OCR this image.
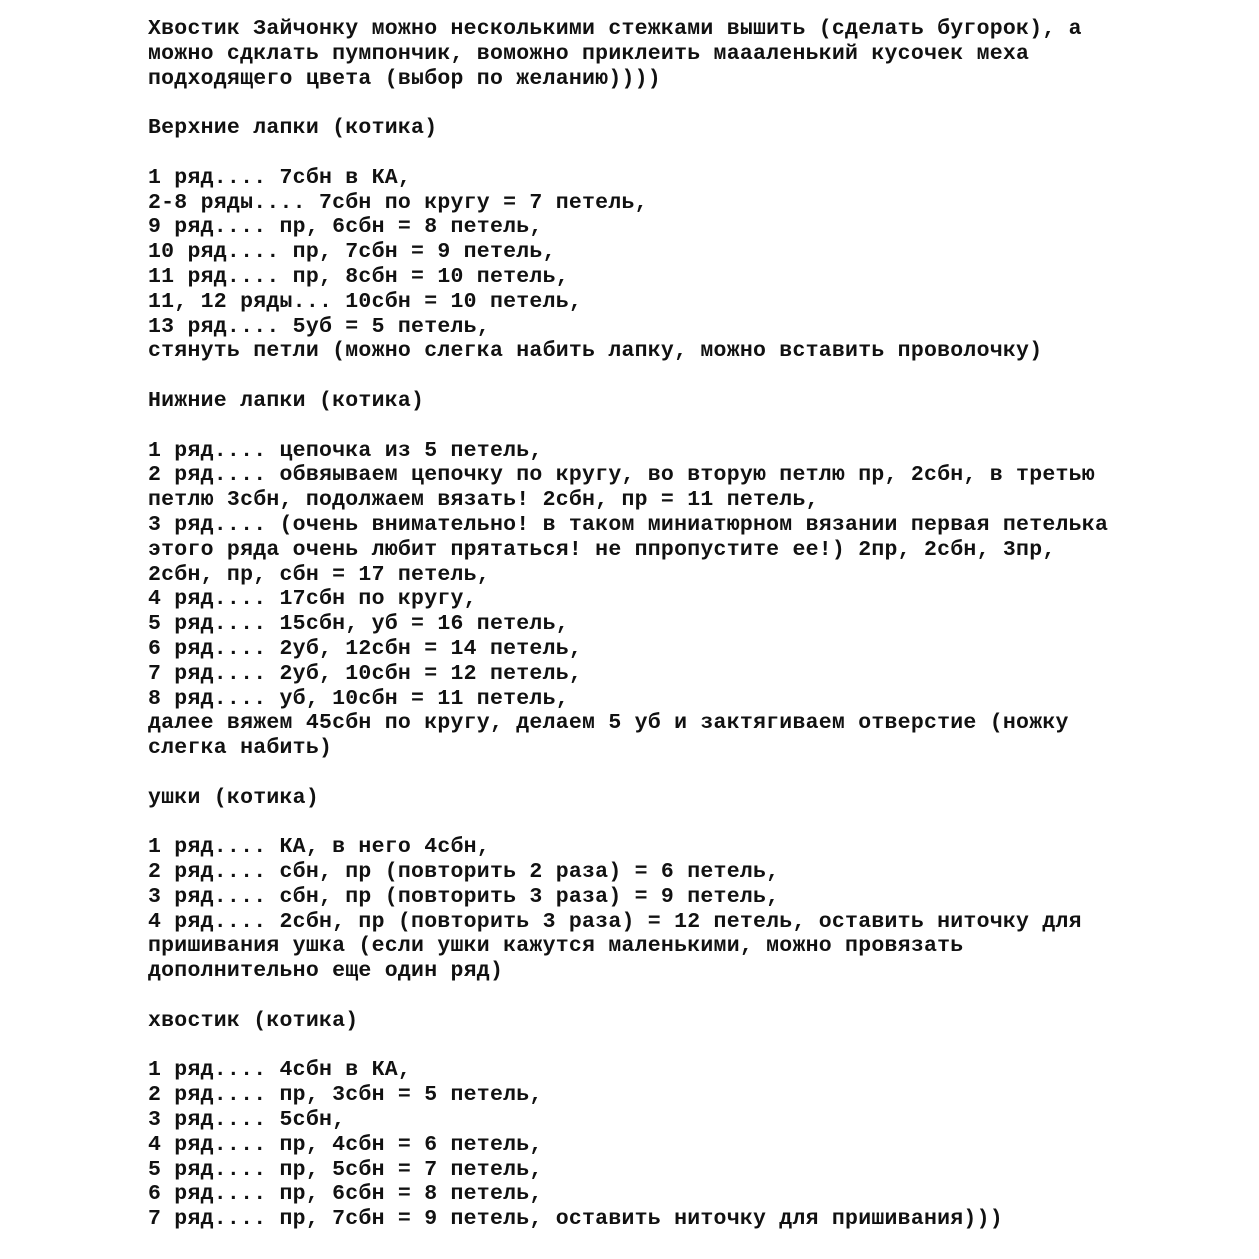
Хвостик Зайчонку можно несколькими стежками вышить (сделать бугорок), а
можно сдклать пумпончик, воможно приклеить маааленький кусочек меха
подходящего цвета (выбор по желанию))))
Верхние лапки (котика)
1 ряд.... 7сбн в КА,
2-8 ряды.... 7сбн по кругу = 7 петель,
9 ряд.... пр, 6сбн = 8 петель,
10 ряд.... пр, 7сбн = 9 петель,
11 ряд.... пр, 8сбн = 10 петель,
11, 12 ряды... 10сбн = 10 петель,
13 ряд.... 5уб = 5 петель,
стянуть петли (можно слегка набить лапку, можно вставить проволочку)
Нижние лапки (котика)
1 ряд.... цепочка из 5 петель,
2 ряд.... обвяываем цепочку по кругу, во вторую петлю пр, 2сбн, в третью
петлю 3сбн, подолжаем вязать! 2сбн, пр = 11 петель,
3 ряд.... (очень внимательно! в таком миниатюрном вязании первая петелька
этого ряда очень любит прятаться! не ппропустите ее!) 2пр, 2сбн, 3пр,
2сбн, пр, сбн = 17 петель,
4 ряд.... 17сбн по кругу,
5 ряд.... 15сбн, уб = 16 петель,
6 ряд.... 2уб, 12сбн = 14 петель,
7 ряд.... 2уб, 10сбн = 12 петель,
8 ряд.... уб, 10сбн = 11 петель,
далее вяжем 45сбн по кругу, делаем 5 уб и зактягиваем отверстие (ножку
слегка набить)
ушки (котика)
1 ряд.... КА, в него 4сбн,
2 ряд.... сбн, пр (повторить 2 раза) = 6 петель,
3 ряд.... сбн, пр (повторить 3 раза) = 9 петель,
4 ряд.... 2сбн, пр (повторить 3 раза) = 12 петель, оставить ниточку для
пришивания ушка (если ушки кажутся маленькими, можно провязать
дополнительно еще один ряд)
хвостик (котика)
1 ряд.... 4сбн в КА,
2 ряд.... пр, 3сбн = 5 петель,
3 ряд.... 5сбн,
4 ряд.... пр, 4сбн = 6 петель,
5 ряд.... пр, 5сбн = 7 петель,
6 ряд.... пр, 6сбн = 8 петель,
7 ряд.... пр, 7сбн = 9 петель, оставить ниточку для пришивания)))
